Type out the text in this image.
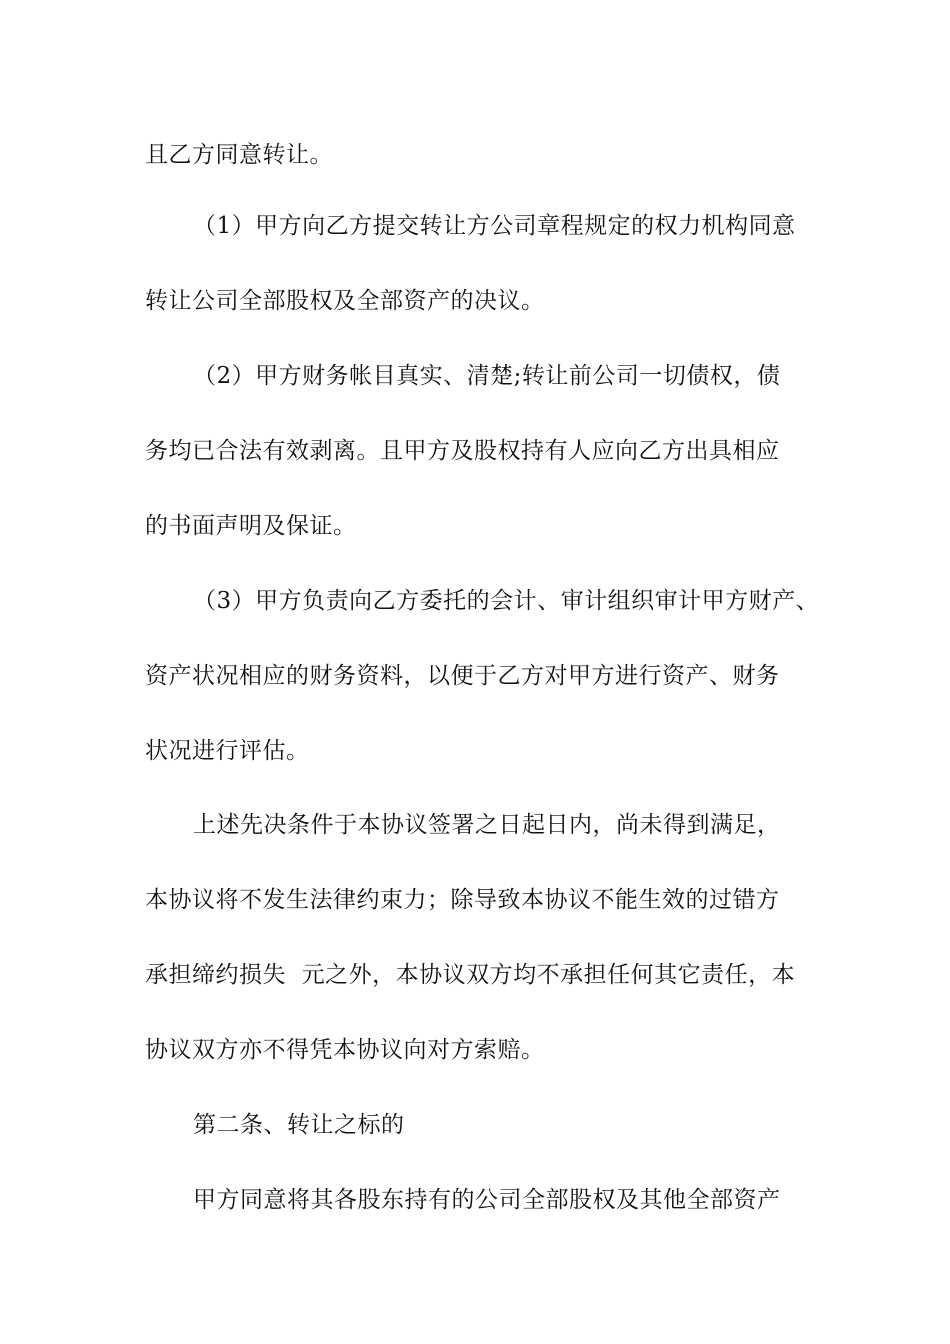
且乙方同意转让。
（1）甲方向乙方提交转让方公司章程规定的权力机构同意
转让公司全部股权及全部资产的决议。
（2）甲方财务帐目真实、清楚;转让前公司一切债权，债
务均已合法有效剥离。且甲方及股权持有人应向乙方出具相应
的书面声明及保证。
（3）甲方负责向乙方委托的会计、审计组织审计甲方财产、
资产状况相应的财务资料，以便于乙方对甲方进行资产、财务
状况进行评估。
上述先决条件于本协议签署之日起日内，尚未得到满足，
本协议将不发生法律约束力；除导致本协议不能生效的过错方
承担缔约损失  元之外，本协议双方均不承担任何其它责任，本
协议双方亦不得凭本协议向对方索赔。
第二条、转让之标的
甲方同意将其各股东持有的公司全部股权及其他全部资产
